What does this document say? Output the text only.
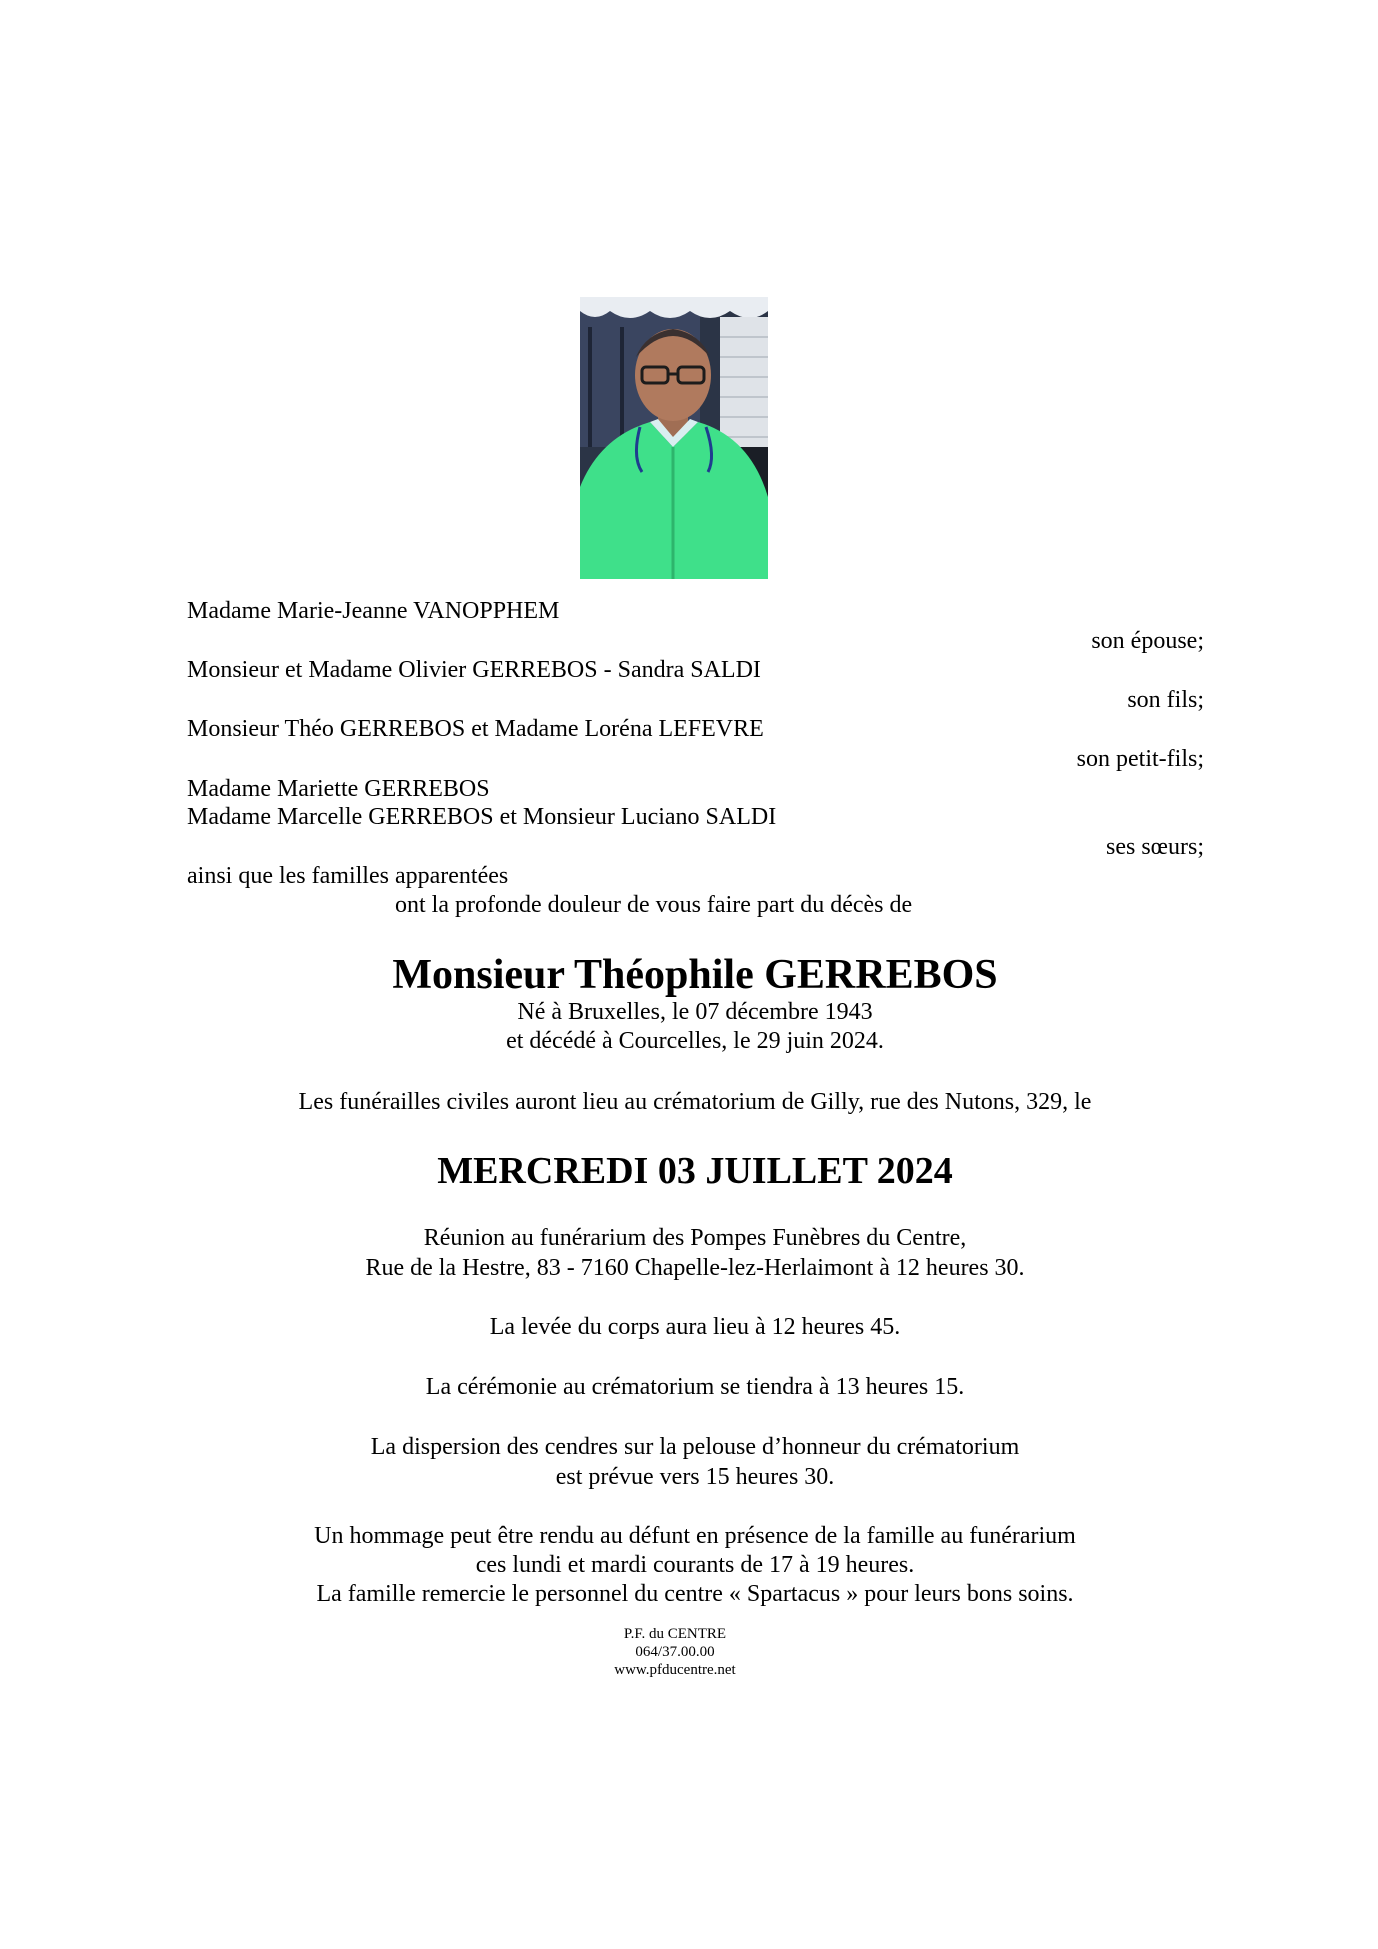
Madame Marie-Jeanne VANOPPHEM
son épouse;
Monsieur et Madame Olivier GERREBOS - Sandra SALDI
son fils;
Monsieur Théo GERREBOS et Madame Loréna LEFEVRE
son petit-fils;
Madame Mariette GERREBOS
Madame Marcelle GERREBOS et Monsieur Luciano SALDI
ses sœurs;
ainsi que les familles apparentées
ont la profonde douleur de vous faire part du décès de
Monsieur Théophile GERREBOS
Né à Bruxelles, le 07 décembre 1943
et décédé à Courcelles, le 29 juin 2024.
Les funérailles civiles auront lieu au crématorium de Gilly, rue des Nutons, 329, le
MERCREDI 03 JUILLET 2024
Réunion au funérarium des Pompes Funèbres du Centre,
Rue de la Hestre, 83 - 7160 Chapelle-lez-Herlaimont à 12 heures 30.
La levée du corps aura lieu à 12 heures 45.
La cérémonie au crématorium se tiendra à 13 heures 15.
La dispersion des cendres sur la pelouse d’honneur du crématorium
est prévue vers 15 heures 30.
Un hommage peut être rendu au défunt en présence de la famille au funérarium
ces lundi et mardi courants de 17 à 19 heures.
La famille remercie le personnel du centre « Spartacus » pour leurs bons soins.
P.F. du CENTRE
064/37.00.00
www.pfducentre.net
